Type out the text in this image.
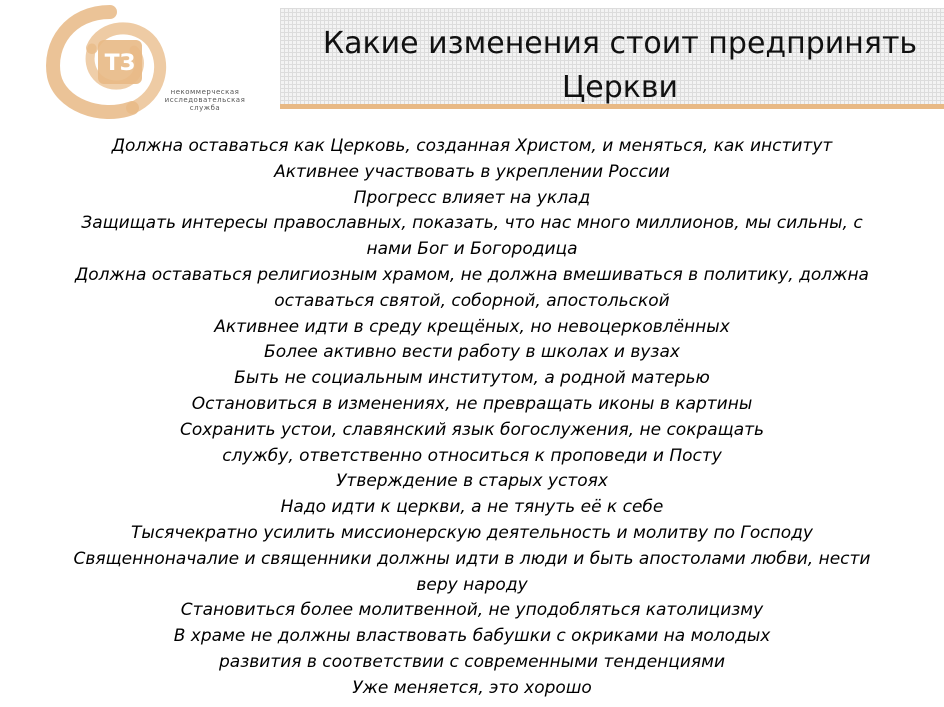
ТЗ
некоммерческая
исследовательская
служба
Какие изменения стоит предпринять
Церкви
Должна оставаться как Церковь, созданная Христом, и меняться, как институт
Активнее участвовать в укреплении России
Прогресс влияет на уклад
Защищать интересы православных, показать, что нас много миллионов, мы сильны, с
нами Бог и Богородица
Должна оставаться религиозным храмом, не должна вмешиваться в политику, должна
оставаться святой, соборной, апостольской
Активнее идти в среду крещёных, но невоцерковлённых
Более активно вести работу в школах и вузах
Быть не социальным институтом, а родной матерью
Остановиться в изменениях, не превращать иконы в картины
Сохранить устои, славянский язык богослужения, не сокращать
службу, ответственно относиться к проповеди и Посту
Утверждение в старых устоях
Надо идти к церкви, а не тянуть её к себе
Тысячекратно усилить миссионерскую деятельность и молитву по Господу
Священноначалие и священники должны идти в люди и быть апостолами любви, нести
веру народу
Становиться более молитвенной, не уподобляться католицизму
В храме не должны властвовать бабушки с окриками на молодых
развития в соответствии с современными тенденциями
Уже меняется, это хорошо
